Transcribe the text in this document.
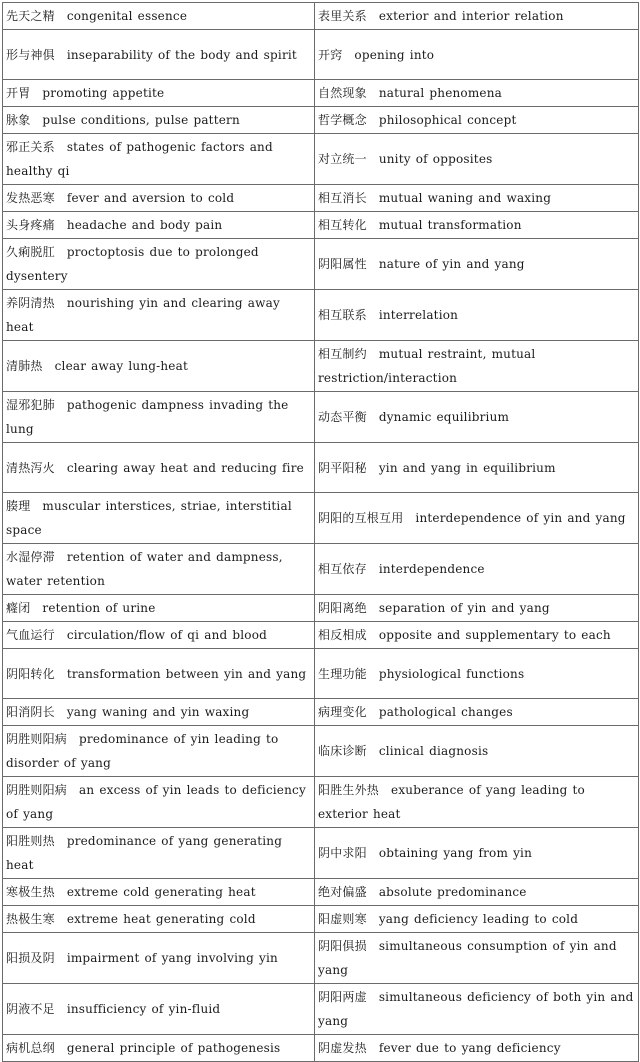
先天之精 congenital essence	表里关系 exterior and interior relation
形与神俱 inseparability of the body and spirit	开窍 opening into
开胃 promoting appetite	自然现象 natural phenomena
脉象 pulse conditions, pulse pattern	哲学概念 philosophical concept
邪正关系 states of pathogenic factors and healthy qi	对立统一 unity of opposites
发热恶寒 fever and aversion to cold	相互消长 mutual waning and waxing
头身疼痛 headache and body pain	相互转化 mutual transformation
久痢脱肛 proctoptosis due to prolonged dysentery	阴阳属性 nature of yin and yang
养阴清热 nourishing yin and clearing away heat	相互联系 interrelation
清肺热 clear away lung-heat	相互制约 mutual restraint, mutual restriction/interaction
湿邪犯肺 pathogenic dampness invading the lung	动态平衡 dynamic equilibrium
清热泻火 clearing away heat and reducing fire	阴平阳秘 yin and yang in equilibrium
腠理 muscular interstices, striae, interstitial space	阴阳的互根互用 interdependence of yin and yang
水湿停滞 retention of water and dampness, water retention	相互依存 interdependence
癃闭 retention of urine	阴阳离绝 separation of yin and yang
气血运行 circulation/flow of qi and blood	相反相成 opposite and supplementary to each
阴阳转化 transformation between yin and yang	生理功能 physiological functions
阳消阴长 yang waning and yin waxing	病理变化 pathological changes
阴胜则阳病 predominance of yin leading to disorder of yang	临床诊断 clinical diagnosis
阴胜则阳病 an excess of yin leads to deficiency of yang	阳胜生外热 exuberance of yang leading to exterior heat
阳胜则热 predominance of yang generating heat	阴中求阳 obtaining yang from yin
寒极生热 extreme cold generating heat	绝对偏盛 absolute predominance
热极生寒 extreme heat generating cold	阳虚则寒 yang deficiency leading to cold
阳损及阴 impairment of yang involving yin	阴阳俱损 simultaneous consumption of yin and yang
阴液不足 insufficiency of yin-fluid	阴阳两虚 simultaneous deficiency of both yin and yang
病机总纲 general principle of pathogenesis	阴虚发热 fever due to yang deficiency
